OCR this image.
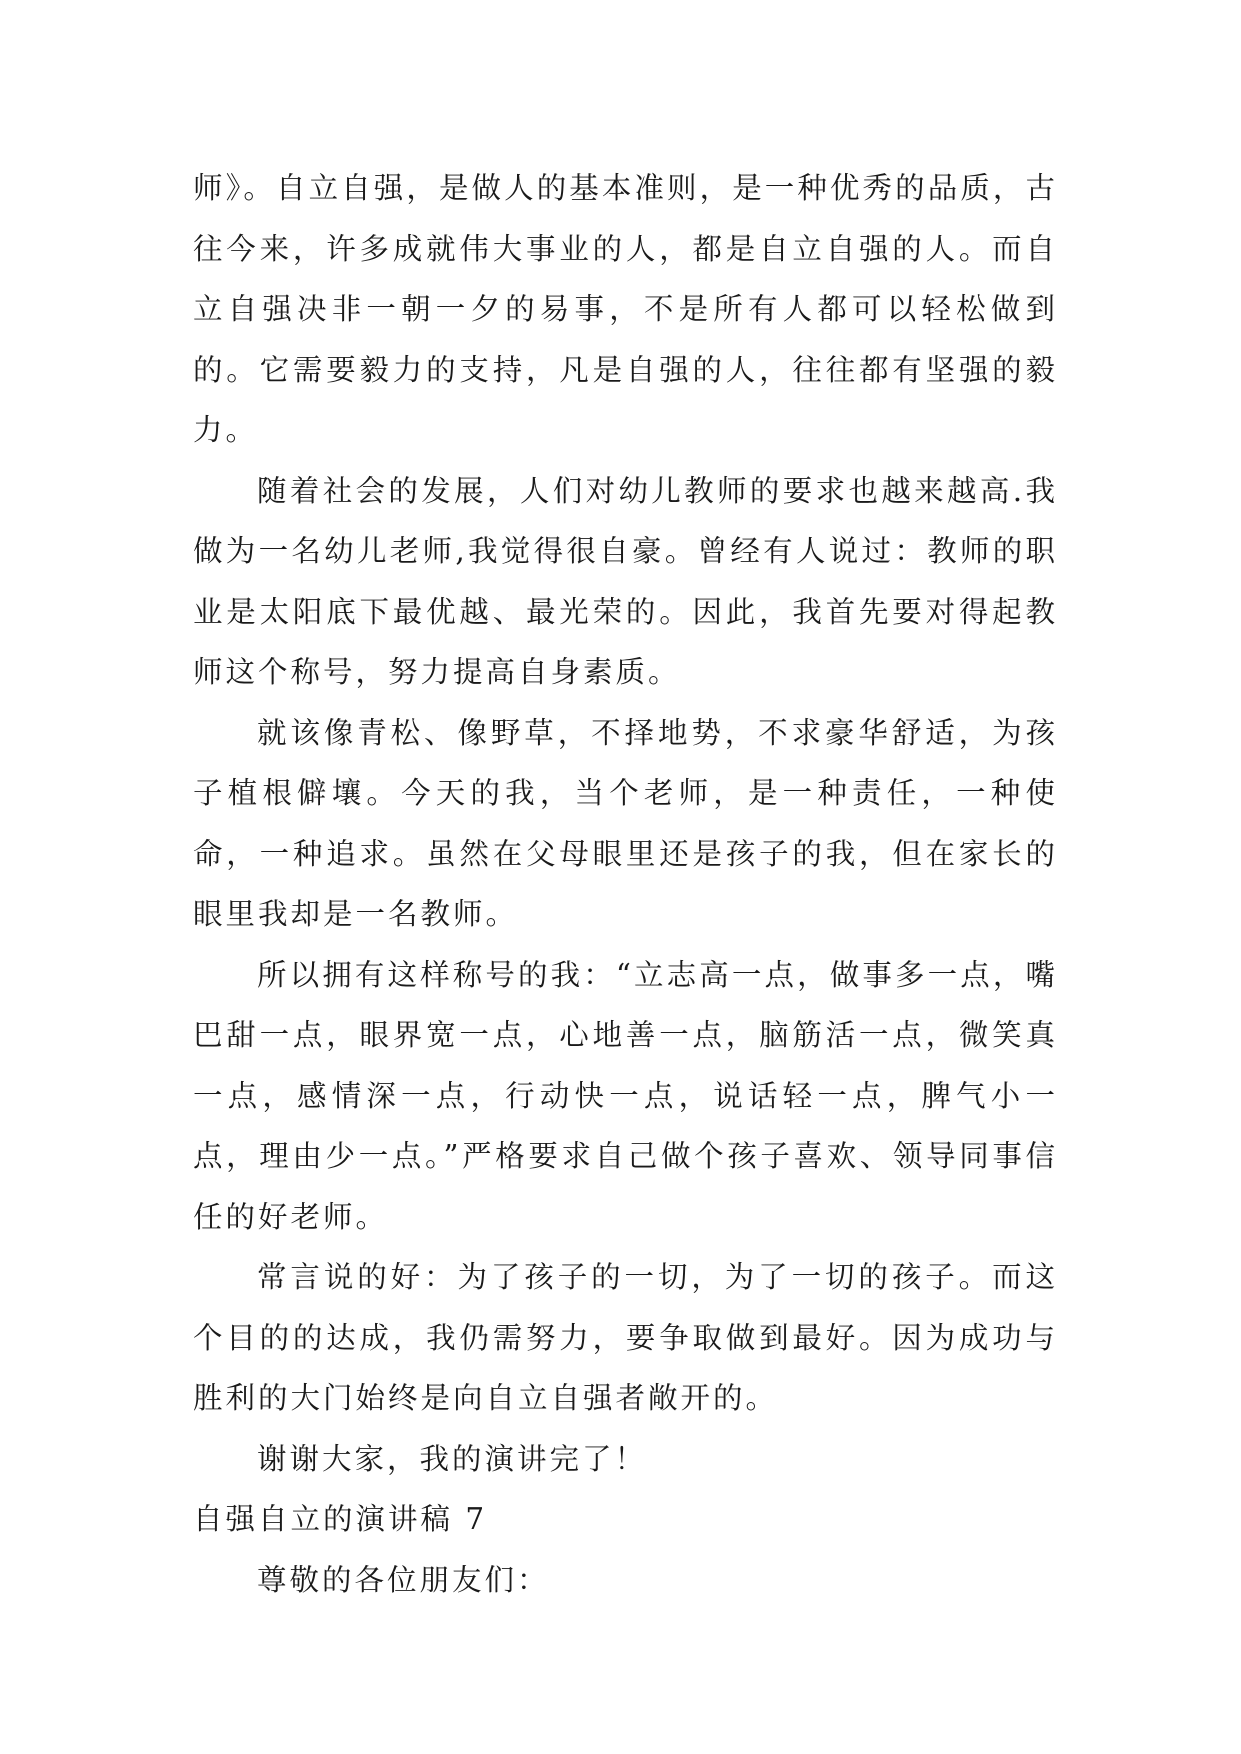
师》。自立自强，是做人的基本准则，是一种优秀的品质，古往今来，许多成就伟大事业的人，都是自立自强的人。而自立自强决非一朝一夕的易事，不是所有人都可以轻松做到的。它需要毅力的支持，凡是自强的人，往往都有坚强的毅力。

随着社会的发展，人们对幼儿教师的要求也越来越高.我做为一名幼儿老师,我觉得很自豪。曾经有人说过：教师的职业是太阳底下最优越、最光荣的。因此，我首先要对得起教师这个称号，努力提高自身素质。

就该像青松、像野草，不择地势，不求豪华舒适，为孩子植根僻壤。今天的我，当个老师，是一种责任，一种使命，一种追求。虽然在父母眼里还是孩子的我，但在家长的眼里我却是一名教师。

所以拥有这样称号的我：“立志高一点，做事多一点，嘴巴甜一点，眼界宽一点，心地善一点，脑筋活一点，微笑真一点，感情深一点，行动快一点，说话轻一点，脾气小一点，理由少一点。”严格要求自己做个孩子喜欢、领导同事信任的好老师。

常言说的好：为了孩子的一切，为了一切的孩子。而这个目的的达成，我仍需努力，要争取做到最好。因为成功与胜利的大门始终是向自立自强者敞开的。

谢谢大家，我的演讲完了！

自强自立的演讲稿 7

尊敬的各位朋友们：
